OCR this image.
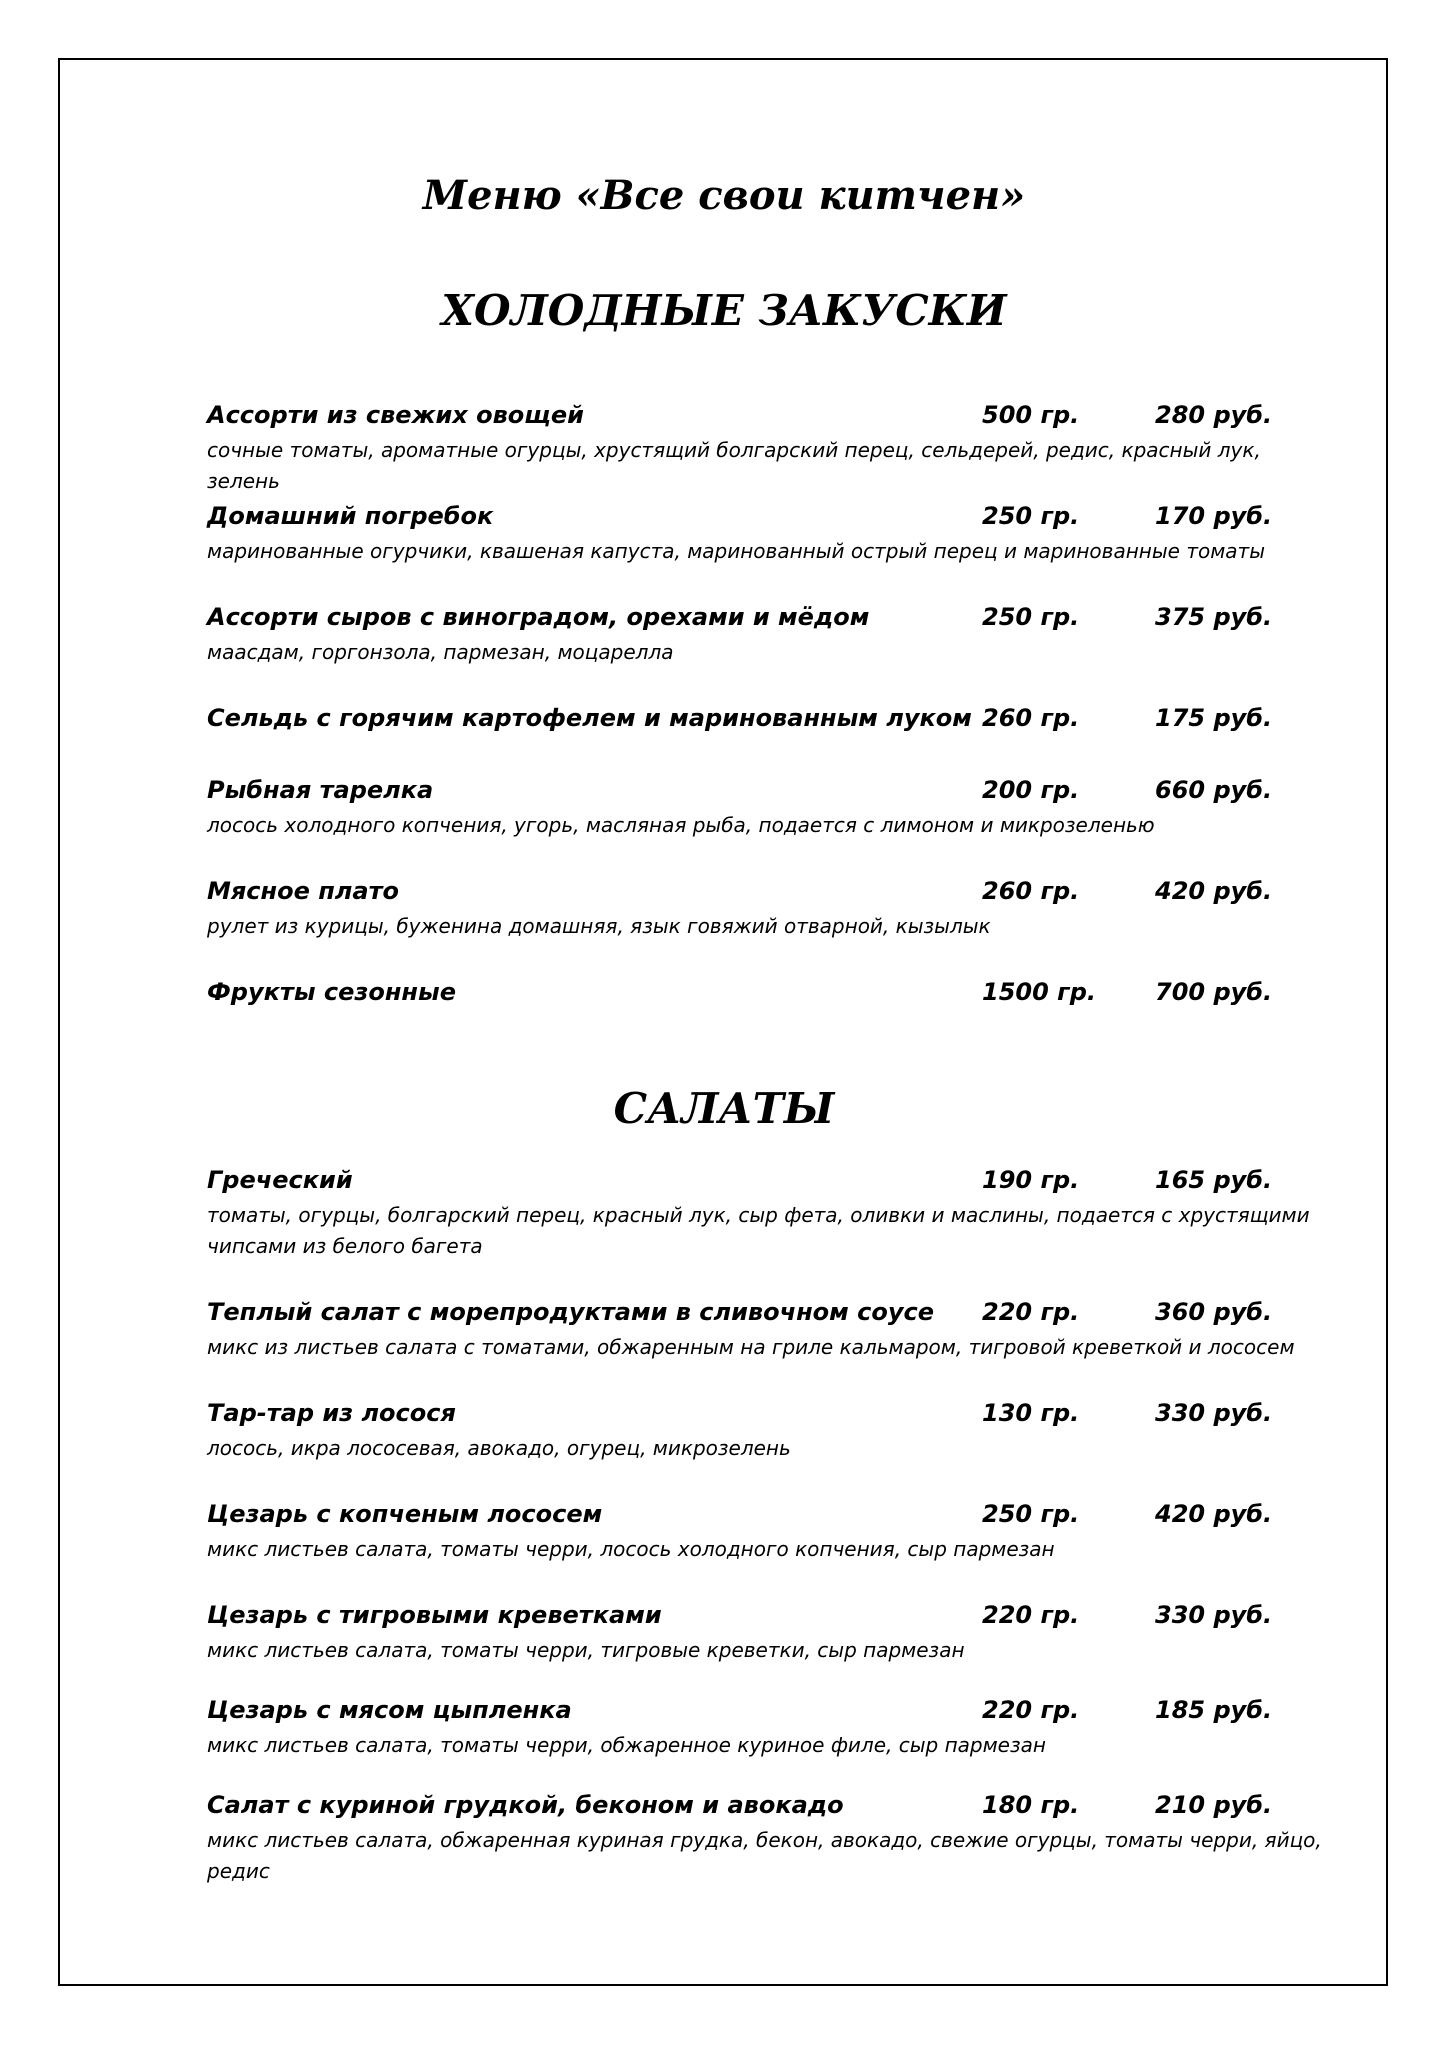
Меню «Все свои китчен»
ХОЛОДНЫЕ ЗАКУСКИ
Ассорти из свежих овощей	500 гр.	280 руб.
сочные томаты, ароматные огурцы, хрустящий болгарский перец, сельдерей, редис, красный лук, зелень
Домашний погребок	250 гр.	170 руб.
маринованные огурчики, квашеная капуста, маринованный острый перец и маринованные томаты
Ассорти сыров с виноградом, орехами и мёдом	250 гр.	375 руб.
маасдам, горгонзола, пармезан, моцарелла
Сельдь с горячим картофелем и маринованным луком 260 гр.	175 руб.
Рыбная тарелка	200 гр.	660 руб.
лосось холодного копчения, угорь, масляная рыба, подается с лимоном и микрозеленью
Мясное плато	260 гр.	420 руб.
рулет из курицы, буженина домашняя, язык говяжий отварной, кызылык
Фрукты сезонные	1500 гр. 700 руб.
САЛАТЫ
Греческий	190 гр.	165 руб.
томаты, огурцы, болгарский перец, красный лук, сыр фета, оливки и маслины, подается с хрустящими чипсами из белого багета
Теплый салат с морепродуктами в сливочном соусе 220 гр.	360 руб.
микс из листьев салата с томатами, обжаренным на гриле кальмаром, тигровой креветкой и лососем
Тар-тар из лосося	130 гр.	330 руб.
лосось, икра лососевая, авокадо, огурец, микрозелень
Цезарь с копченым лососем	250 гр.	420 руб.
микс листьев салата, томаты черри, лосось холодного копчения, сыр пармезан
Цезарь с тигровыми креветками	220 гр.	330 руб.
микс листьев салата, томаты черри, тигровые креветки, сыр пармезан
Цезарь с мясом цыпленка	220 гр.	185 руб.
микс листьев салата, томаты черри, обжаренное куриное филе, сыр пармезан
Салат с куриной грудкой, беконом и авокадо	180 гр.	210 руб.
микс листьев салата, обжаренная куриная грудка, бекон, авокадо, свежие огурцы, томаты черри, яйцо, редис
